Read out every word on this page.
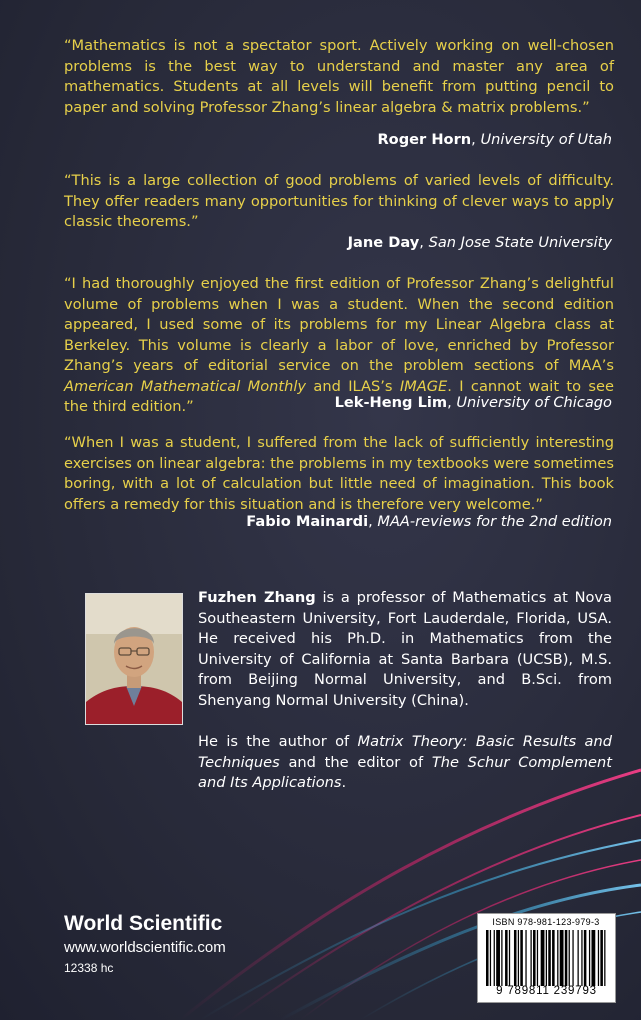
“Mathematics is not a spectator sport. Actively working on well-chosen problems is the best way to understand and master any area of mathematics. Students at all levels will benefit from putting pencil to paper and solving Professor Zhang’s linear algebra & matrix problems.”

Roger Horn, University of Utah

“This is a large collection of good problems of varied levels of difficulty. They offer readers many opportunities for thinking of clever ways to apply classic theorems.”

Jane Day, San Jose State University

“I had thoroughly enjoyed the first edition of Professor Zhang’s delightful volume of problems when I was a student. When the second edition appeared, I used some of its problems for my Linear Algebra class at Berkeley. This volume is clearly a labor of love, enriched by Professor Zhang’s years of editorial service on the problem sections of MAA’s American Mathematical Monthly and ILAS’s IMAGE. I cannot wait to see the third edition.”	Lek-Heng Lim, University of Chicago

“When I was a student, I suffered from the lack of sufficiently interesting exercises on linear algebra: the problems in my textbooks were sometimes boring, with a lot of calculation but little need of imagination. This book offers a remedy for this situation and is therefore very welcome.”

Fabio Mainardi, MAA-reviews for the 2nd edition

Fuzhen Zhang is a professor of Mathematics at Nova Southeastern University, Fort Lauderdale, Florida, USA. He received his Ph.D. in Mathematics from the University of California at Santa Barbara (UCSB), M.S. from Beijing Normal University, and B.Sci. from Shenyang Normal University (China).

He is the author of Matrix Theory: Basic Results and Techniques and the editor of The Schur Complement and Its Applications.

World Scientific
www.worldscientific.com
12338 hc
ISBN 978-981-123-979-3
9 789811 239793
